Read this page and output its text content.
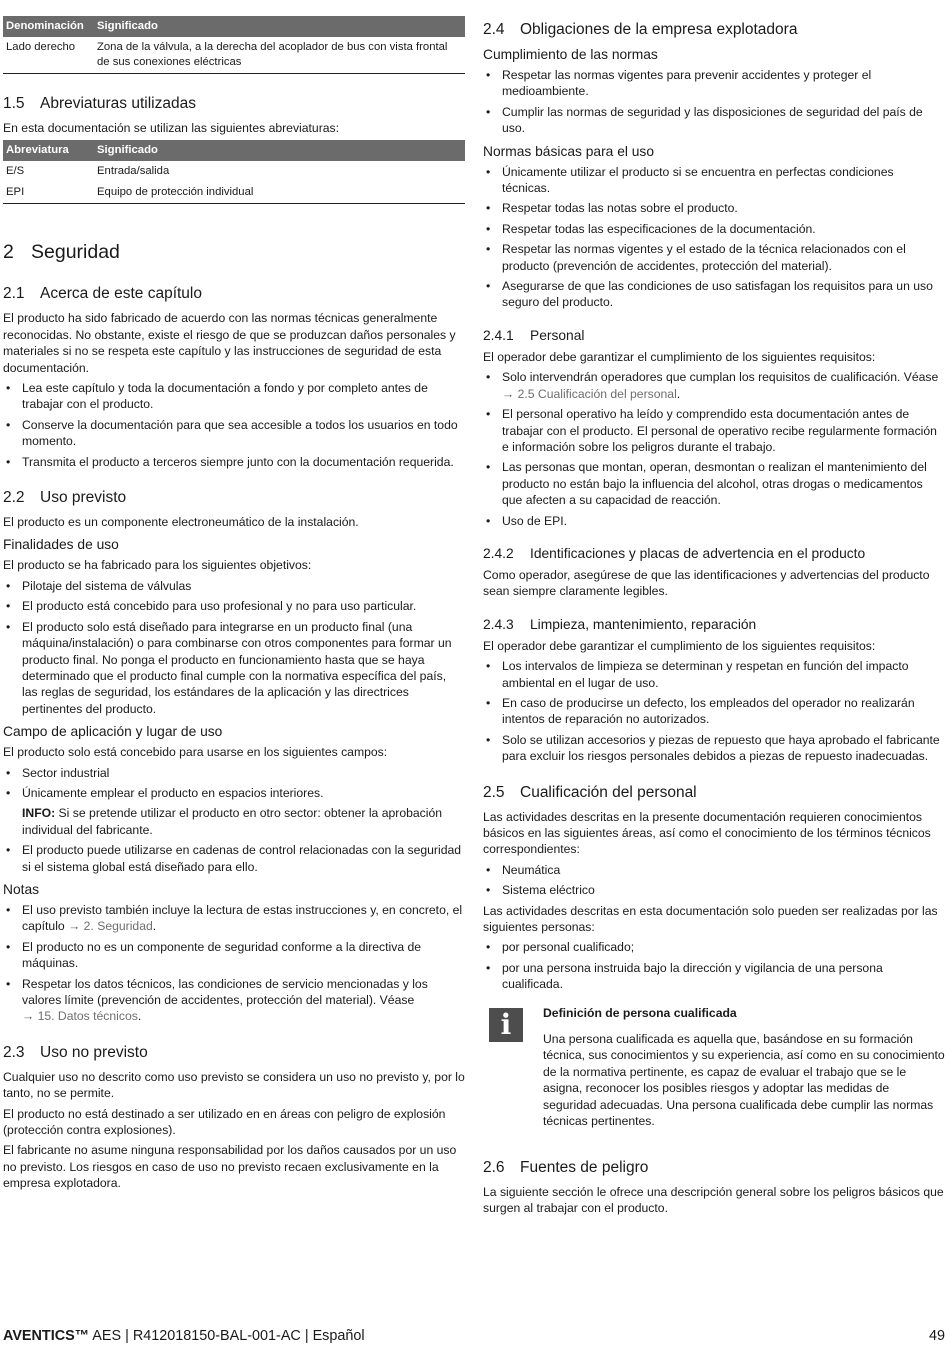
Denominación	Significado
Lado derecho	Zona de la válvula, a la derecha del acoplador de bus con vista frontal de sus conexiones eléctricas
1.5 Abreviaturas utilizadas

En esta documentación se utilizan las siguientes abreviaturas:

Abreviatura	Significado
E/S	Entrada/salida
EPI	Equipo de protección individual
2 Seguridad
2.1 Acerca de este capítulo

El producto ha sido fabricado de acuerdo con las normas técnicas generalmente reconocidas. No obstante, existe el riesgo de que se produzcan daños personales y materiales si no se respeta este capítulo y las instrucciones de seguridad de esta documentación.

• Lea este capítulo y toda la documentación a fondo y por completo antes de trabajar con el producto.
• Conserve la documentación para que sea accesible a todos los usuarios en todo momento.
• Transmita el producto a terceros siempre junto con la documentación requerida.
2.2 Uso previsto

El producto es un componente electroneumático de la instalación.

Finalidades de uso

El producto se ha fabricado para los siguientes objetivos:

• Pilotaje del sistema de válvulas
• El producto está concebido para uso profesional y no para uso particular.
• El producto solo está diseñado para integrarse en un producto final (una máquina/instalación) o para combinarse con otros componentes para formar un producto final. No ponga el producto en funcionamiento hasta que se haya determinado que el producto final cumple con la normativa específica del país, las reglas de seguridad, los estándares de la aplicación y las directrices pertinentes del producto.
Campo de aplicación y lugar de uso

El producto solo está concebido para usarse en los siguientes campos:

• Sector industrial
• Únicamente emplear el producto en espacios interiores.
INFO: Si se pretende utilizar el producto en otro sector: obtener la aprobación individual del fabricante.
• El producto puede utilizarse en cadenas de control relacionadas con la seguridad si el sistema global está diseñado para ello.
Notas
• El uso previsto también incluye la lectura de estas instrucciones y, en concreto, el capítulo → 2. Seguridad.
• El producto no es un componente de seguridad conforme a la directiva de máquinas.
• Respetar los datos técnicos, las condiciones de servicio mencionadas y los valores límite (prevención de accidentes, protección del material). Véase
→ 15. Datos técnicos.
2.3 Uso no previsto

Cualquier uso no descrito como uso previsto se considera un uso no previsto y, por lo tanto, no se permite.

El producto no está destinado a ser utilizado en en áreas con peligro de explosión (protección contra explosiones).

El fabricante no asume ninguna responsabilidad por los daños causados por un uso no previsto. Los riesgos en caso de uso no previsto recaen exclusivamente en la empresa explotadora.

2.4 Obligaciones de la empresa explotadora
Cumplimiento de las normas
• Respetar las normas vigentes para prevenir accidentes y proteger el medioambiente.
• Cumplir las normas de seguridad y las disposiciones de seguridad del país de uso.
Normas básicas para el uso
• Únicamente utilizar el producto si se encuentra en perfectas condiciones técnicas.
• Respetar todas las notas sobre el producto.
• Respetar todas las especificaciones de la documentación.
• Respetar las normas vigentes y el estado de la técnica relacionados con el producto (prevención de accidentes, protección del material).
• Asegurarse de que las condiciones de uso satisfagan los requisitos para un uso seguro del producto.
2.4.1 Personal

El operador debe garantizar el cumplimiento de los siguientes requisitos:

• Solo intervendrán operadores que cumplan los requisitos de cualificación. Véase → 2.5 Cualificación del personal.
• El personal operativo ha leído y comprendido esta documentación antes de trabajar con el producto. El personal de operativo recibe regularmente formación e información sobre los peligros durante el trabajo.
• Las personas que montan, operan, desmontan o realizan el mantenimiento del producto no están bajo la influencia del alcohol, otras drogas o medicamentos que afecten a su capacidad de reacción.
• Uso de EPI.
2.4.2 Identificaciones y placas de advertencia en el producto

Como operador, asegúrese de que las identificaciones y advertencias del producto sean siempre claramente legibles.

2.4.3 Limpieza, mantenimiento, reparación

El operador debe garantizar el cumplimiento de los siguientes requisitos:

• Los intervalos de limpieza se determinan y respetan en función del impacto ambiental en el lugar de uso.
• En caso de producirse un defecto, los empleados del operador no realizarán intentos de reparación no autorizados.
• Solo se utilizan accesorios y piezas de repuesto que haya aprobado el fabricante para excluir los riesgos personales debidos a piezas de repuesto inadecuadas.
2.5 Cualificación del personal

Las actividades descritas en la presente documentación requieren conocimientos básicos en las siguientes áreas, así como el conocimiento de los términos técnicos correspondientes:

• Neumática
• Sistema eléctrico

Las actividades descritas en esta documentación solo pueden ser realizadas por las siguientes personas:

• por personal cualificado;
• por una persona instruida bajo la dirección y vigilancia de una persona cualificada.
i	Definición de persona cualificada

Una persona cualificada es aquella que, basándose en su formación técnica, sus conocimientos y su experiencia, así como en su conocimiento de la normativa pertinente, es capaz de evaluar el trabajo que se le asigna, reconocer los posibles riesgos y adoptar las medidas de seguridad adecuadas. Una persona cualificada debe cumplir las normas técnicas pertinentes.

2.6 Fuentes de peligro

La siguiente sección le ofrece una descripción general sobre los peligros básicos que surgen al trabajar con el producto.

AVENTICS™ AES | R412018150-BAL-001-AC | Español	49
